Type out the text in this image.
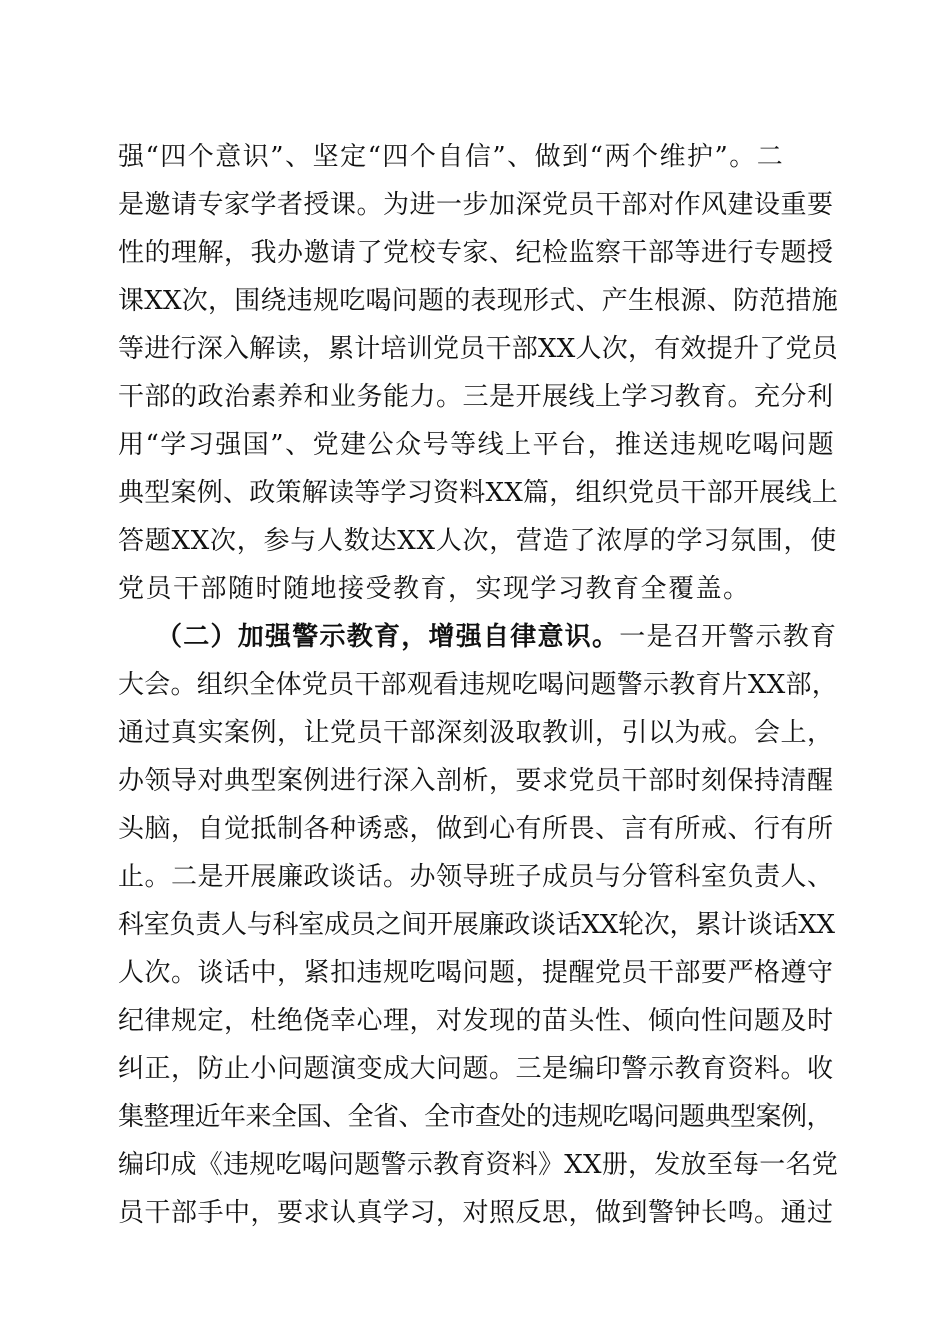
强“四个意识”、坚定“四个自信”、做到“两个维护”。二
是邀请专家学者授课。为进一步加深党员干部对作风建设重要
性的理解，我办邀请了党校专家、纪检监察干部等进行专题授
课XX次，围绕违规吃喝问题的表现形式、产生根源、防范措施
等进行深入解读，累计培训党员干部XX人次，有效提升了党员
干部的政治素养和业务能力。三是开展线上学习教育。充分利
用“学习强国”、党建公众号等线上平台，推送违规吃喝问题
典型案例、政策解读等学习资料XX篇，组织党员干部开展线上
答题XX次，参与人数达XX人次，营造了浓厚的学习氛围，使
党员干部随时随地接受教育，实现学习教育全覆盖。
（二）加强警示教育，增强自律意识。一是召开警示教育
大会。组织全体党员干部观看违规吃喝问题警示教育片XX部，
通过真实案例，让党员干部深刻汲取教训，引以为戒。会上，
办领导对典型案例进行深入剖析，要求党员干部时刻保持清醒
头脑，自觉抵制各种诱惑，做到心有所畏、言有所戒、行有所
止。二是开展廉政谈话。办领导班子成员与分管科室负责人、
科室负责人与科室成员之间开展廉政谈话XX轮次，累计谈话XX
人次。谈话中，紧扣违规吃喝问题，提醒党员干部要严格遵守
纪律规定，杜绝侥幸心理，对发现的苗头性、倾向性问题及时
纠正，防止小问题演变成大问题。三是编印警示教育资料。收
集整理近年来全国、全省、全市查处的违规吃喝问题典型案例，
编印成《违规吃喝问题警示教育资料》XX册，发放至每一名党
员干部手中，要求认真学习，对照反思，做到警钟长鸣。通过
